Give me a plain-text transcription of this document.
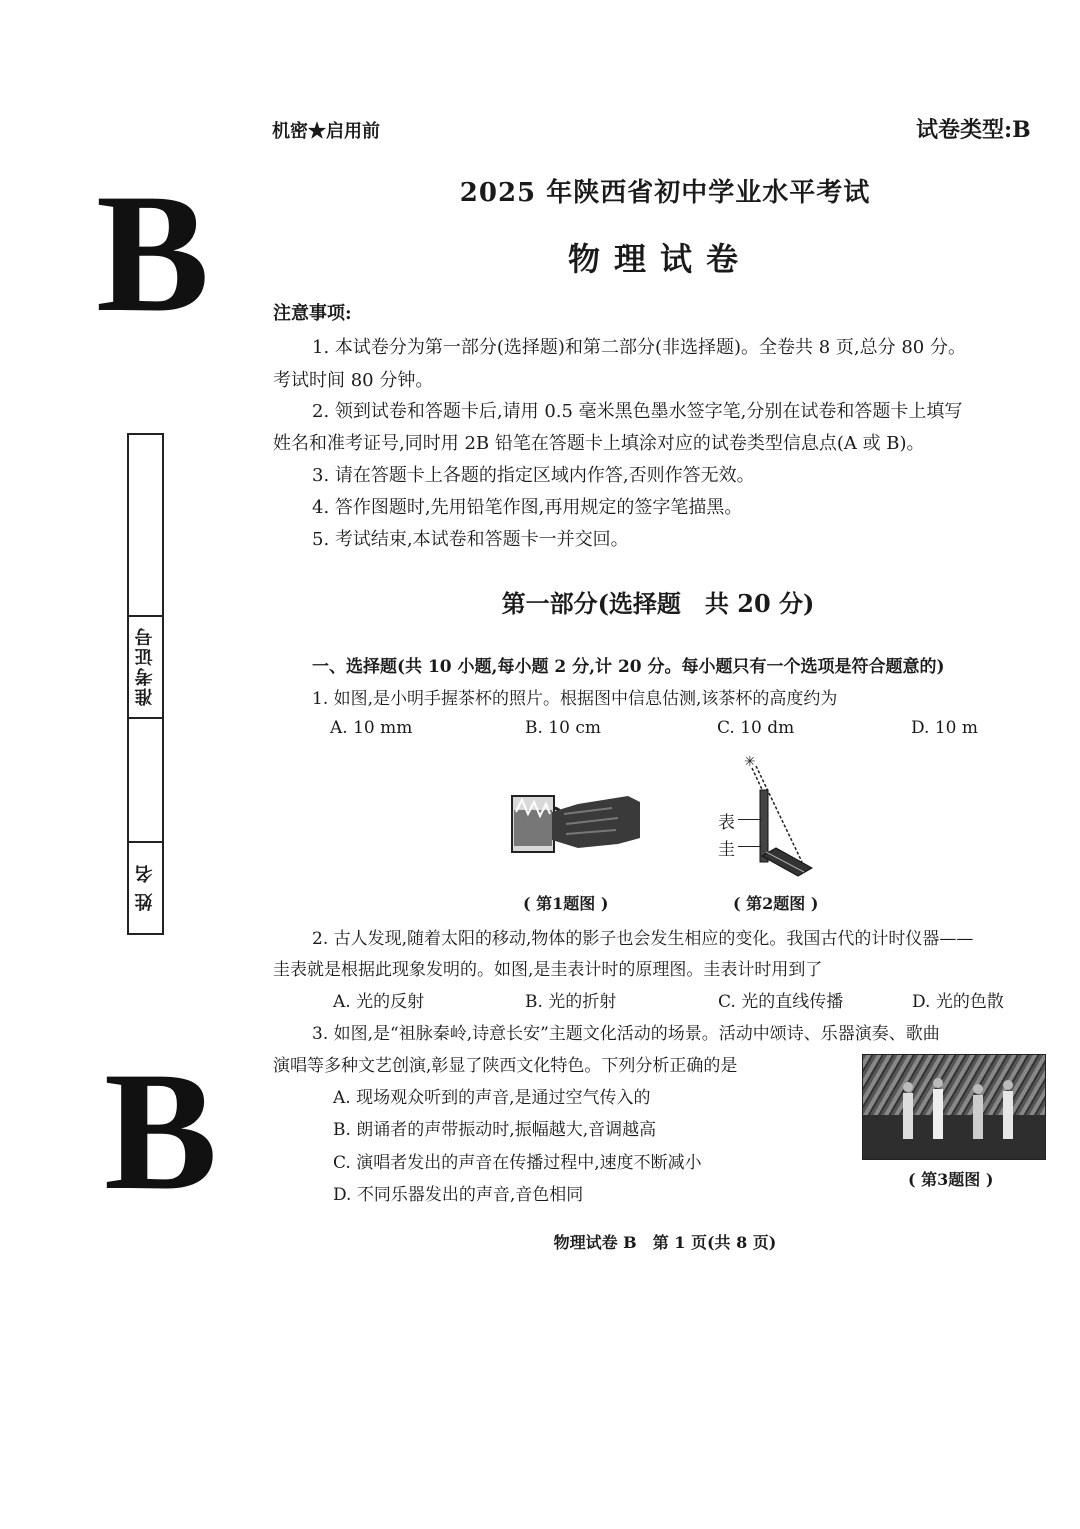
B
B
准考证号
姓 名
机密★启用前	试卷类型:B
2025 年陕西省初中学业水平考试
物理试卷
注意事项:
1. 本试卷分为第一部分(选择题)和第二部分(非选择题)。全卷共 8 页,总分 80 分。
考试时间 80 分钟。
2. 领到试卷和答题卡后,请用 0.5 毫米黑色墨水签字笔,分别在试卷和答题卡上填写
姓名和准考证号,同时用 2B 铅笔在答题卡上填涂对应的试卷类型信息点(A 或 B)。
3. 请在答题卡上各题的指定区域内作答,否则作答无效。
4. 答作图题时,先用铅笔作图,再用规定的签字笔描黑。
5. 考试结束,本试卷和答题卡一并交回。
第一部分(选择题　共 20 分)
一、选择题(共 10 小题,每小题 2 分,计 20 分。每小题只有一个选项是符合题意的)
1. 如图,是小明手握茶杯的照片。根据图中信息估测,该茶杯的高度约为
A. 10 mm	B. 10 cm	C. 10 dm	D. 10 m
✳
表
圭
( 第1题图 )	( 第2题图 )
2. 古人发现,随着太阳的移动,物体的影子也会发生相应的变化。我国古代的计时仪器——
圭表就是根据此现象发明的。如图,是圭表计时的原理图。圭表计时用到了
A. 光的反射	B. 光的折射	C. 光的直线传播	D. 光的色散
3. 如图,是“祖脉秦岭,诗意长安”主题文化活动的场景。活动中颂诗、乐器演奏、歌曲
演唱等多种文艺创演,彰显了陕西文化特色。下列分析正确的是
A. 现场观众听到的声音,是通过空气传入的
B. 朗诵者的声带振动时,振幅越大,音调越高
C. 演唱者发出的声音在传播过程中,速度不断减小
D. 不同乐器发出的声音,音色相同
( 第3题图 )
物理试卷 B　第 1 页(共 8 页)
